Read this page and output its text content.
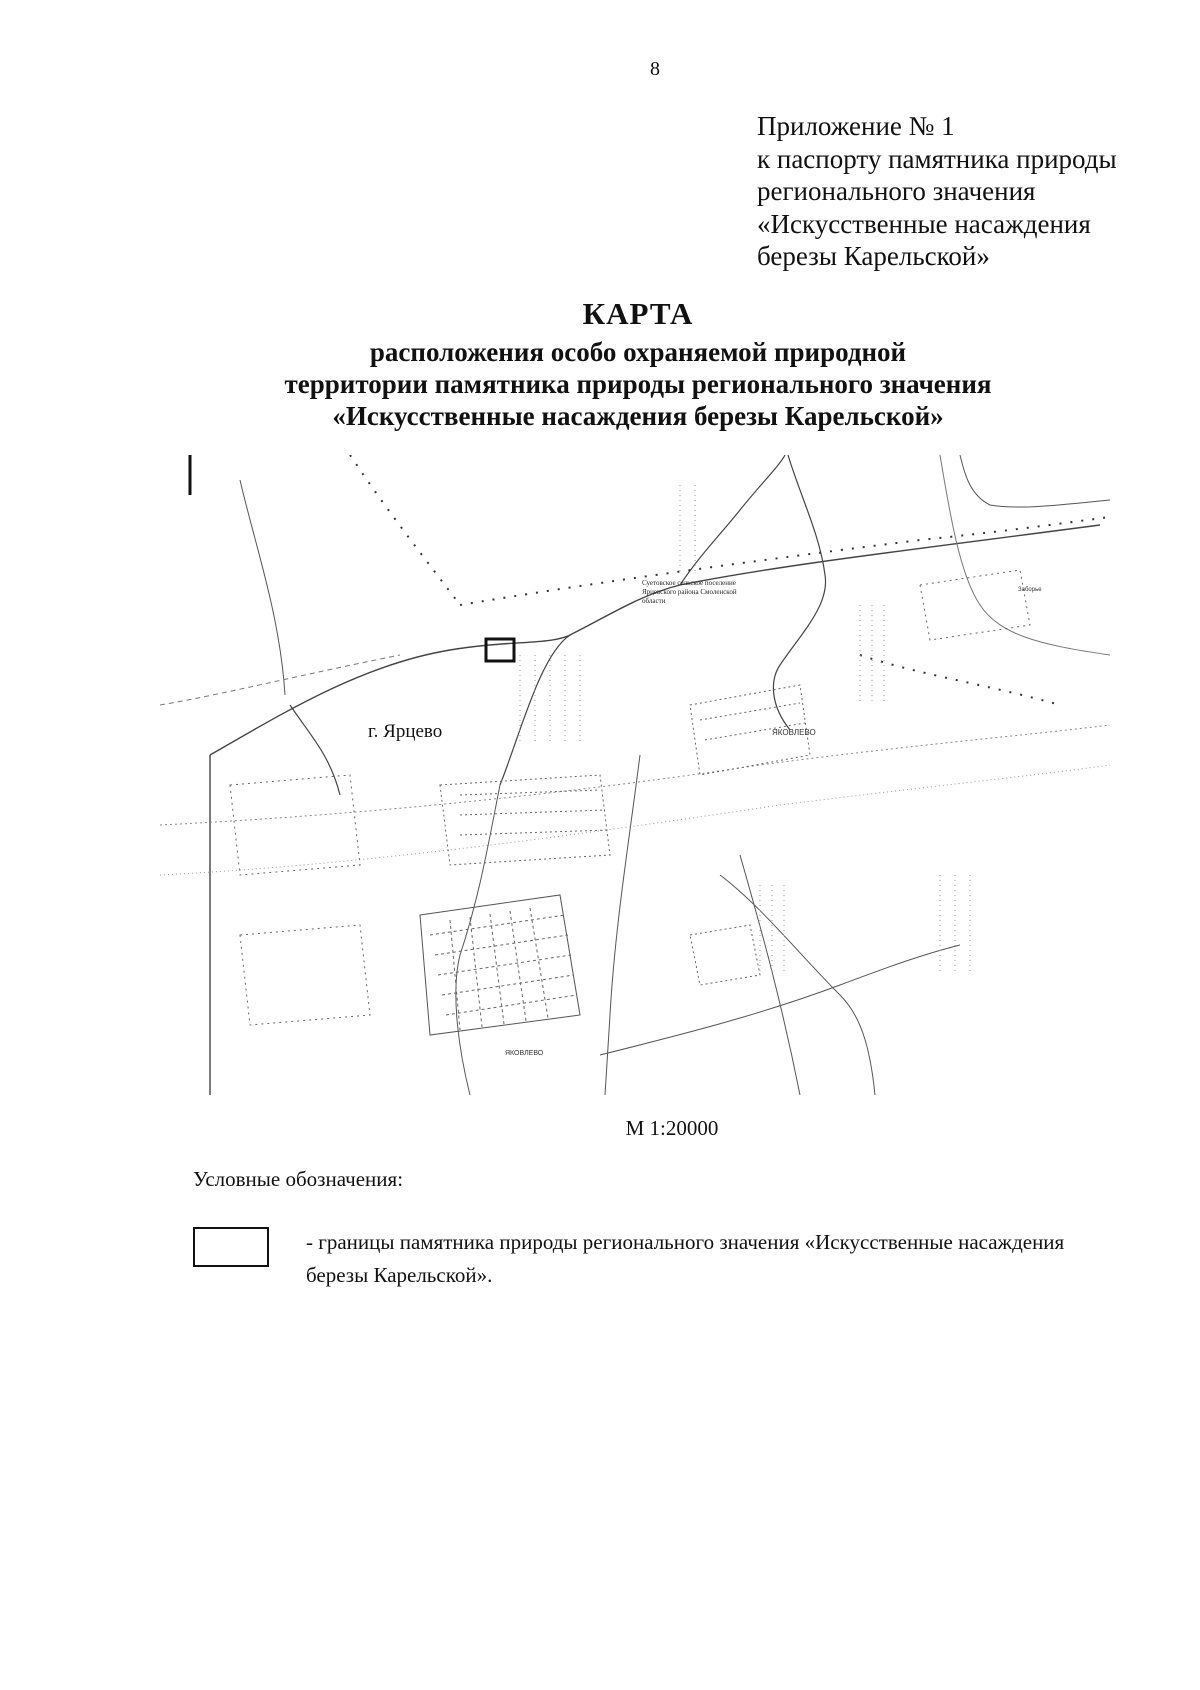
8
Приложение № 1
к паспорту памятника природы
регионального значения
«Искусственные насаждения
березы Карельской»
КАРТА
расположения особо охраняемой природной
территории памятника природы регионального значения
«Искусственные насаждения березы Карельской»
г. Ярцево
Суетовское сельское поселение
Ярцевского района Смоленской
области
ЯКОВЛЕВО
Заборье
ЯКОВЛЕВО
М 1:20000
Условные обозначения:
- границы памятника природы регионального значения «Искусственные насаждения березы Карельской».
